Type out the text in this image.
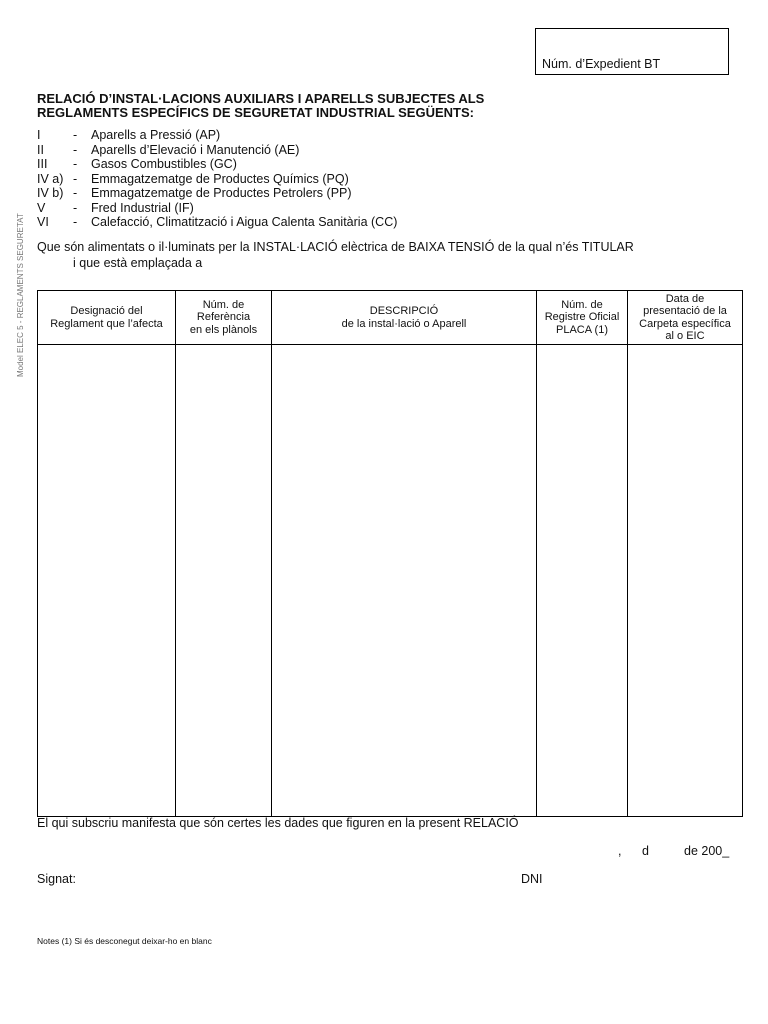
Núm. d’Expedient BT
Model ELEC 5 - REGLAMENTS SEGURETAT
RELACIÓ D’INSTAL·LACIONS AUXILIARS I APARELLS SUBJECTES ALS
REGLAMENTS ESPECÍFICS DE SEGURETAT INDUSTRIAL SEGÜENTS:
I	-	Aparells a Pressió (AP)
II	-	Aparells d’Elevació i Manutenció (AE)
III	-	Gasos Combustibles (GC)
IV a) -	Emmagatzematge de Productes Químics (PQ)
IV b) -	Emmagatzematge de Productes Petrolers (PP)
V	-	Fred Industrial (IF)
VI	-	Calefacció, Climatització i Aigua Calenta Sanitària (CC)
Que són alimentats o il·luminats per la INSTAL·LACIÓ elèctrica de BAIXA TENSIÓ de la qual n’és TITULAR
i que està emplaçada a
Designació del
Reglament que l’afecta	Núm. de
Referència
en els plànols	DESCRIPCIÓ
de la instal·lació o Aparell	Núm. de
Registre Oficial
PLACA (1)	Data de
presentació de la
Carpeta específica
al o EIC

El qui subscriu manifesta que són certes les dades que figuren en la present RELACIÓ
, d	de 200_
Signat:	DNI
Notes (1) Si és desconegut deixar-ho en blanc
